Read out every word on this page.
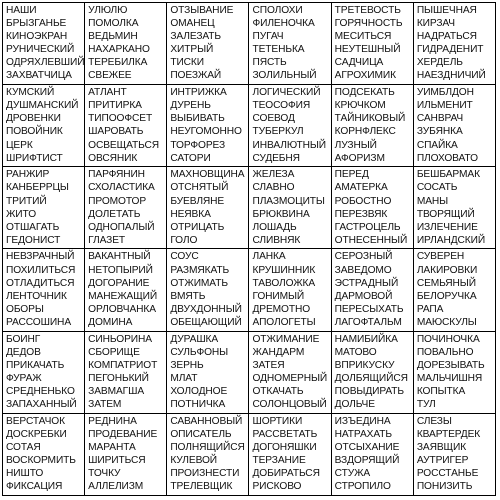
НАШИ
БРЫЗГАНЬЕ
КИНОЭКРАН
РУНИЧЕСКИЙ
ОДРЯХЛЕВШИЙ
ЗАХВАТЧИЦА
УЛЮЛЮ
ПОМОЛКА
ВЕДЬМИН
НАХАРКАНО
ТЕРЕБИЛКА
СВЕЖЕЕ
ОТЗЫВАНИЕ
ОМАНЕЦ
ЗАЛЕЗАТЬ
ХИТРЫЙ
ТИСКИ
ПОЕЗЖАЙ
СПОЛОХИ
ФИЛЕНОЧКА
ПУГАЧ
ТЕТЕНЬКА
ПЯСТЬ
ЗОЛИЛЬНЫЙ
ТРЕТЕВОСТЬ
ГОРЯЧНОСТЬ
МЕСИТЬСЯ
НЕУТЕШНЫЙ
САДЧИЦА
АГРОХИМИК
ПЫШЕЧНАЯ
КИРЗАЧ
НАДРАТЬСЯ
ГИДРАДЕНИТ
ХЕРДЕЛЬ
НАЕЗДНИЧИЙ
КУМСКИЙ
ДУШМАНСКИЙ
ДРОВЕНКИ
ПОВОЙНИК
ЦЕРК
ШРИФТИСТ
АТЛАНТ
ПРИТИРКА
ТИПООФСЕТ
ШАРОВАТЬ
ОСВЕЩАТЬСЯ
ОВСЯНИК
ИНТРИЖКА
ДУРЕНЬ
ВЫБИВАТЬ
НЕУГОМОННО
ТОРФОРЕЗ
САТОРИ
ЛОГИЧЕСКИЙ
ТЕОСОФИЯ
СОЕВОД
ТУБЕРКУЛ
ИНВАЛЮТНЫЙ
СУДЕБНЯ
ПОДСЕКАТЬ
КРЮЧКОМ
ТАЙНИКОВЫЙ
КОРНФЛЕКС
ЛУЗНЫЙ
АФОРИЗМ
УИМБЛДОН
ИЛЬМЕНИТ
САНВРАЧ
ЗУБЯНКА
СПАЙКА
ПЛОХОВАТО
РАНЖИР
КАНБЕРРЦЫ
ТРИТИЙ
ЖИТО
ОТШАГАТЬ
ГЕДОНИСТ
ПАРФЯНИН
СХОЛАСТИКА
ПРОМОТОР
ДОЛЕТАТЬ
ОДНОПАЛЫЙ
ГЛАЗЕТ
МАХНОВЩИНА
ОТСНЯТЫЙ
БУЕВЛЯНЕ
НЕЯВКА
ОТРИЦАТЬ
ГОЛО
ЖЕЛЕЗА
СЛАВНО
ПЛАЗМОЦИТЫ
БРЮКВИНА
ЛОШАДЬ
СЛИВНЯК
ПЕРЕД
АМАТЕРКА
РОБОСТНО
ПЕРЕЗВЯК
ГАСТРОЦЕЛЬ
ОТНЕСЕННЫЙ
БЕШБАРМАК
СОСАТЬ
МАНЫ
ТВОРЯЩИЙ
ИЗЛЕЧЕНИЕ
ИРЛАНДСКИЙ
НЕВЗРАЧНЫЙ
ПОХИЛИТЬСЯ
ОТЛАДИТЬСЯ
ЛЕНТОЧНИК
ОБОРЫ
РАССОШИНА
ВАКАНТНЫЙ
НЕТОПЫРИЙ
ДОГОРАНИЕ
МАНЕЖАЩИЙ
ОРЛОВЧАНКА
ДОМИНА
СОУС
РАЗМЯКАТЬ
ОТЖИМАТЬ
ВМЯТЬ
ДВУХДОННЫЙ
ОБЕЩАЮЩИЙ
ЛАНКА
КРУШИННИК
ТАВОЛОЖКА
ГОНИМЫЙ
ДРЕМОТНО
АПОЛОГЕТЫ
СЕРОЗНЫЙ
ЗАВЕДОМО
ЭСТРАДНЫЙ
ДАРМОВОЙ
ПЕРЕСЫХАТЬ
ЛАГОФТАЛЬМ
СУВЕРЕН
ЛАКИРОВКИ
СЕМЬЯНЫЙ
БЕЛОРУЧКА
РАПА
МАЮСКУЛЫ
БОИНГ
ДЕДОВ
ПРИКАЧАТЬ
ФУРАЖ
СРЕДНЕНЬКО
ЗАПАХАННЫЙ
СИНЬОРИНА
СБОРИЩЕ
КОМПАТРИОТ
ПЕГОНЬКИЙ
ЗАВМАГША
ЗАТЕМ
ДУРАШКА
СУЛЬФОНЫ
ЗЕРНЬ
МЛАТ
ХОЛОДНОЕ
ПОТНИЧКА
ОТЖИМАНИЕ
ЖАНДАРМ
ЗАТЕЯ
ОДНОМЕРНЫЙ
ОТКАЧАТЬ
СОЛОНЦОВЫЙ
НАМИБИЙКА
МАТОВО
ВПРИКУСКУ
ДОЛБЯЩИЙСЯ
ПОВЫДИРАТЬ
ДОЛЬЧЕ
ПОЧИНОЧКА
ПОВАЛЬНО
ДОРЕЗЫВАТЬ
МАЛЬЧИШНЯ
КОПЫТКА
ТУЛ
ВЕРСТАЧОК
ДОСКРЕБКИ
СОТАЯ
ВОСКОРМИТЬ
НИШТО
ФИКСАЦИЯ
РЕДНИНА
ПРОДЕВАНИЕ
МАРАНТА
ШИРИТЬСЯ
ТОЧКУ
АЛЛЕЛИЗМ
САВАННОВЫЙ
ОПИСАТЕЛЬ
ПОЛНЯЩИЙСЯ
КУЛЕВОЙ
ПРОИЗНЕСТИ
ТРЕЛЕВЩИК
ШОРТИКИ
РАССВЕТАТЬ
ДОГОНЯШКИ
ТЕРЗАНИЕ
ДОБИРАТЬСЯ
РИСКОВО
ИЗЪЕДИНА
НАТРАХАТЬ
ОТСЫХАНИЕ
ВЗДОРЯЩИЙ
СТУЖА
СТРОПИЛО
СЛЕЗЫ
КВАРТЕРДЕК
ЗАЯВЩИК
АУТРИГЕР
РОССТАНЬЕ
ПОНИЗИТЬ
